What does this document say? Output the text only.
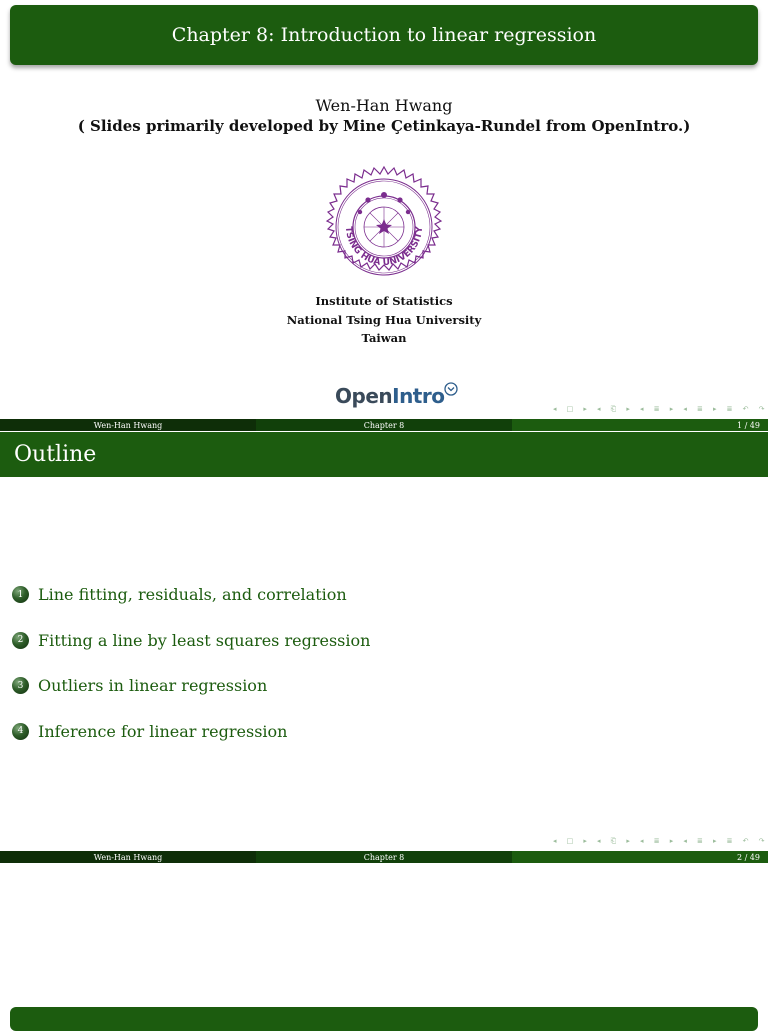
Chapter 8: Introduction to linear regression
Wen-Han Hwang
( Slides primarily developed by Mine Çetinkaya-Rundel from OpenIntro.)
TSING HUA UNIVERSITY
Institute of Statistics
National Tsing Hua University
Taiwan
Open Intro
◂ □ ▸ ◂ ⎗ ▸ ◂ ≣ ▸ ◂ ≣ ▸ ≣ ↶ ↷
Wen-Han Hwang	Chapter 8	1 / 49
Outline
1 Line fitting, residuals, and correlation
2 Fitting a line by least squares regression
3 Outliers in linear regression
4 Inference for linear regression
◂ □ ▸ ◂ ⎗ ▸ ◂ ≣ ▸ ◂ ≣ ▸ ≣ ↶ ↷
Wen-Han Hwang	Chapter 8	2 / 49
